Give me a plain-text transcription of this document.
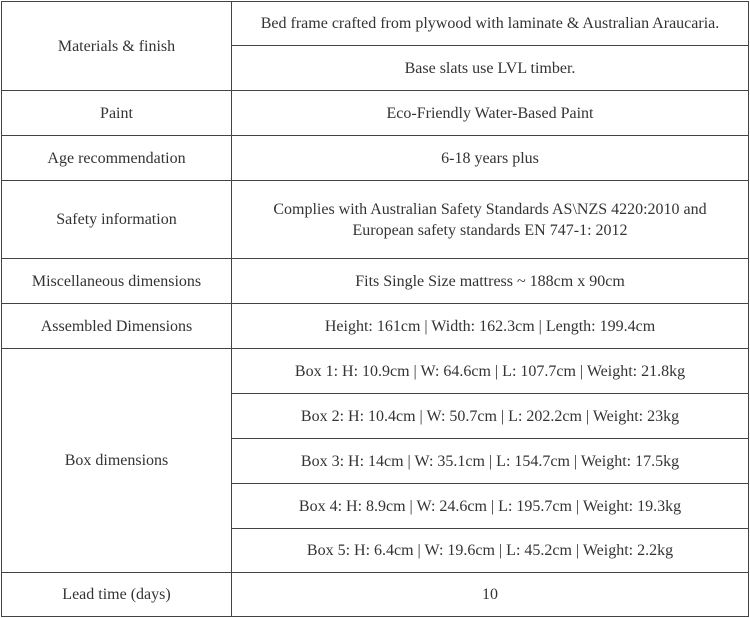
Materials & finish	Bed frame crafted from plywood with laminate & Australian Araucaria.
	Base slats use LVL timber.
Paint	Eco-Friendly Water-Based Paint
Age recommendation	6-18 years plus
Safety information	Complies with Australian Safety Standards AS\NZS 4220:2010 and
European safety standards EN 747-1: 2012

Miscellaneous dimensions	Fits Single Size mattress ~ 188cm x 90cm
Assembled Dimensions	Height: 161cm | Width: 162.3cm | Length: 199.4cm
Box dimensions	Box 1: H: 10.9cm | W: 64.6cm | L: 107.7cm | Weight: 21.8kg
	Box 2: H: 10.4cm | W: 50.7cm | L: 202.2cm | Weight: 23kg
	Box 3: H: 14cm | W: 35.1cm | L: 154.7cm | Weight: 17.5kg
	Box 4: H: 8.9cm | W: 24.6cm | L: 195.7cm | Weight: 19.3kg
	Box 5: H: 6.4cm | W: 19.6cm | L: 45.2cm | Weight: 2.2kg
Lead time (days)	10
